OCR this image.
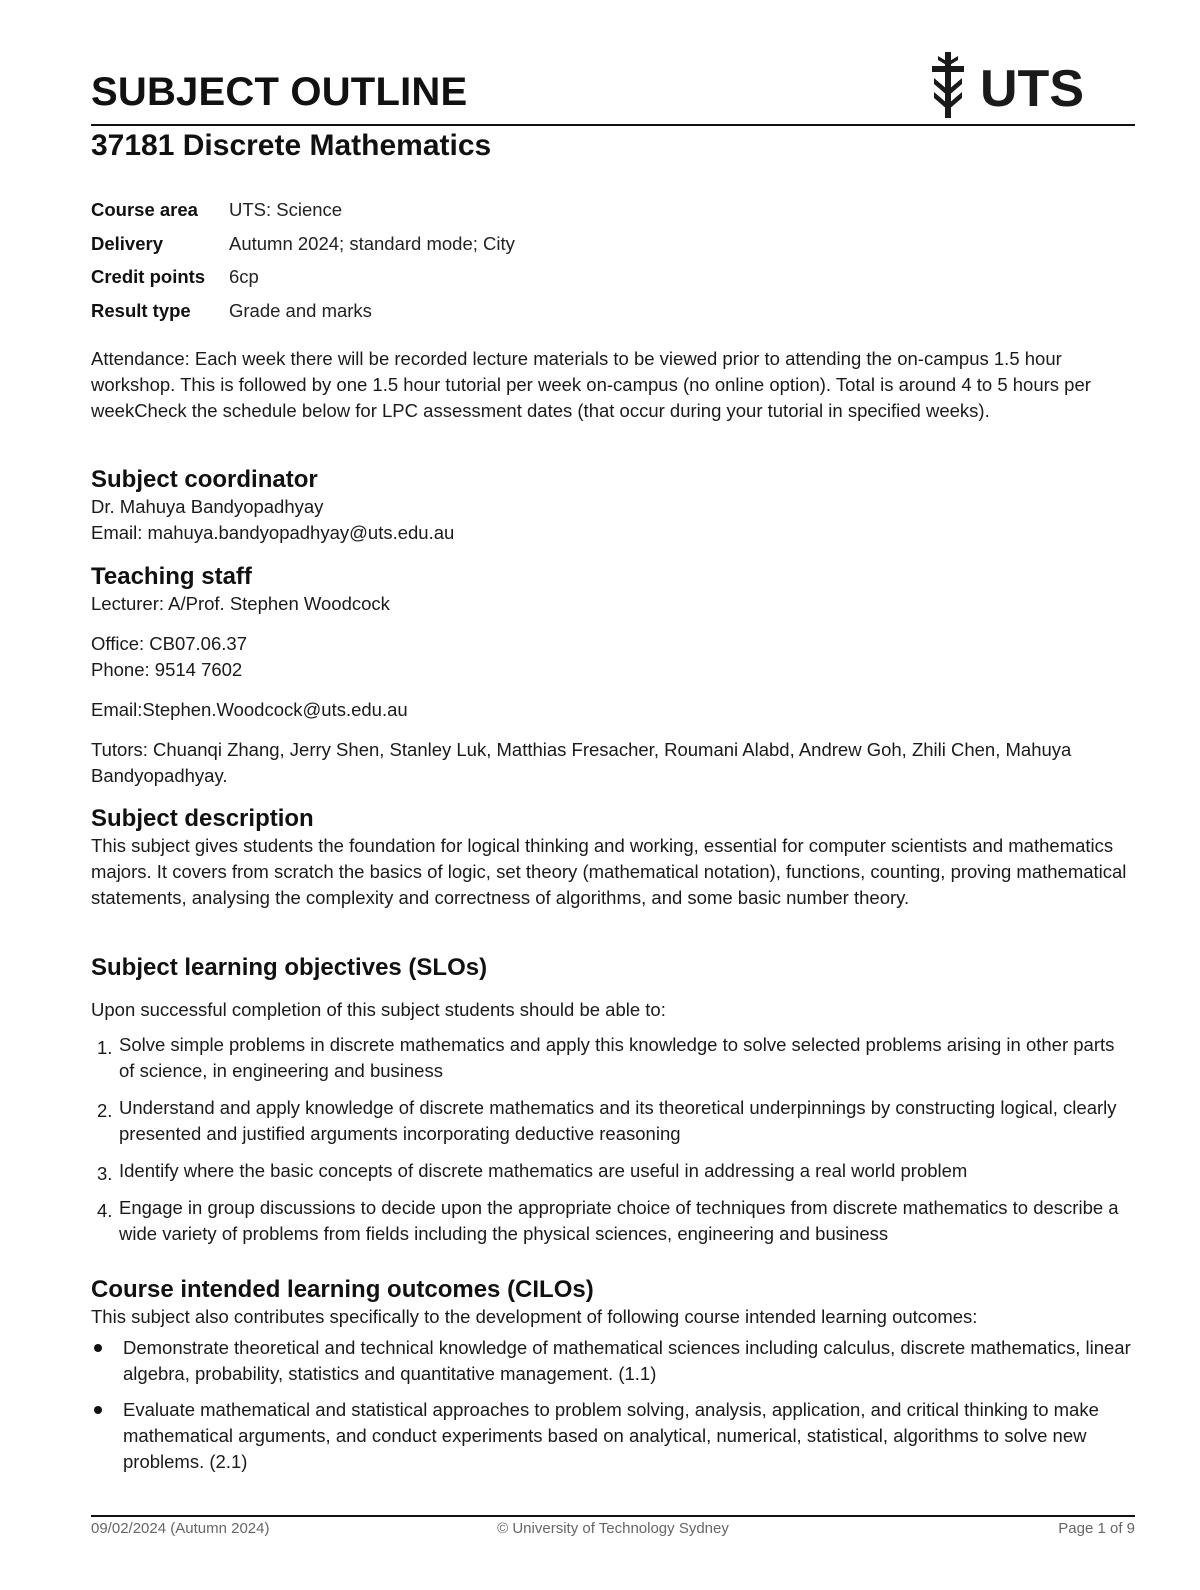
SUBJECT OUTLINE	UTS
37181 Discrete Mathematics
Course area	UTS: Science
Delivery	Autumn 2024; standard mode; City
Credit points	6cp
Result type	Grade and marks

Attendance: Each week there will be recorded lecture materials to be viewed prior to attending the on-campus 1.5 hour workshop. This is followed by one 1.5 hour tutorial per week on-campus (no online option). Total is around 4 to 5 hours per weekCheck the schedule below for LPC assessment dates (that occur during your tutorial in specified weeks).

Subject coordinator

Dr. Mahuya Bandyopadhyay

Email: mahuya.bandyopadhyay@uts.edu.au

Teaching staff

Lecturer: A/Prof. Stephen Woodcock

Office: CB07.06.37

Phone: 9514 7602

Email:Stephen.Woodcock@uts.edu.au

Tutors: Chuanqi Zhang, Jerry Shen, Stanley Luk, Matthias Fresacher, Roumani Alabd, Andrew Goh, Zhili Chen, Mahuya Bandyopadhyay.

Subject description

This subject gives students the foundation for logical thinking and working, essential for computer scientists and mathematics majors. It covers from scratch the basics of logic, set theory (mathematical notation), functions, counting, proving mathematical statements, analysing the complexity and correctness of algorithms, and some basic number theory.

Subject learning objectives (SLOs)

Upon successful completion of this subject students should be able to:

1. Solve simple problems in discrete mathematics and apply this knowledge to solve selected problems arising in other parts of science, in engineering and business
2. Understand and apply knowledge of discrete mathematics and its theoretical underpinnings by constructing logical, clearly presented and justified arguments incorporating deductive reasoning
3. Identify where the basic concepts of discrete mathematics are useful in addressing a real world problem
4. Engage in group discussions to decide upon the appropriate choice of techniques from discrete mathematics to describe a wide variety of problems from fields including the physical sciences, engineering and business
Course intended learning outcomes (CILOs)

This subject also contributes specifically to the development of following course intended learning outcomes:

Demonstrate theoretical and technical knowledge of mathematical sciences including calculus, discrete mathematics, linear algebra, probability, statistics and quantitative management. (1.1)
Evaluate mathematical and statistical approaches to problem solving, analysis, application, and critical thinking to make mathematical arguments, and conduct experiments based on analytical, numerical, statistical, algorithms to solve new problems. (2.1)
09/02/2024 (Autumn 2024)	© University of Technology Sydney	Page 1 of 9
